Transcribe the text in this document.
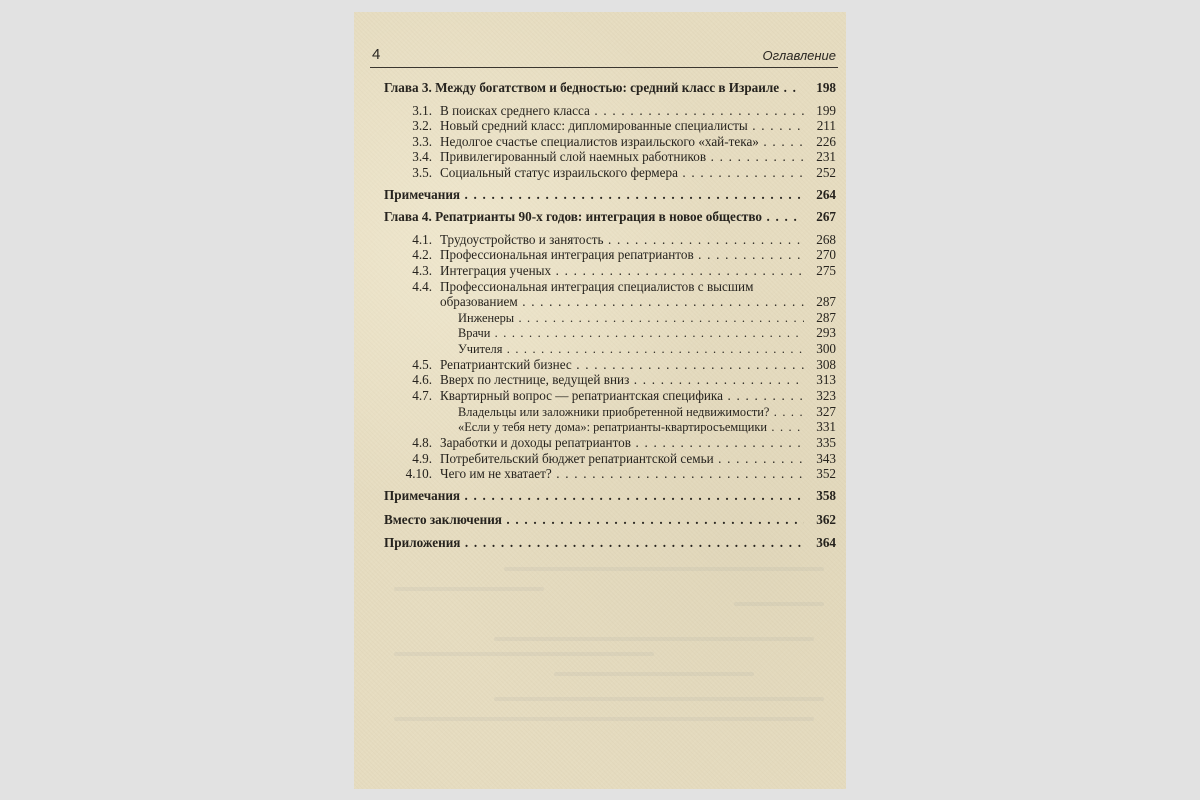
4	Оглавление
Глава 3. Между богатством и бедностью: средний класс в Израиле . . .	198
3.1. В поисках среднего класса . . .	199
3.2. Новый средний класс: дипломированные специалисты . . .	211
3.3. Недолгое счастье специалистов израильского «хай-тека» . . .	226
3.4. Привилегированный слой наемных работников . . .	231
3.5. Социальный статус израильского фермера . . .	252
Примечания . . .	264
Глава 4. Репатрианты 90-х годов: интеграция в новое общество . . .	267
4.1. Трудоустройство и занятость . . .	268
4.2. Профессиональная интеграция репатриантов . . .	270
4.3. Интеграция ученых . . .	275
4.4. Профессиональная интеграция специалистов с высшим
образованием . . .	287
Инженеры . . .	287
Врачи . . .	293
Учителя . . .	300
4.5. Репатриантский бизнес . . .	308
4.6. Вверх по лестнице, ведущей вниз . . .	313
4.7. Квартирный вопрос — репатриантская специфика . . .	323
Владельцы или заложники приобретенной недвижимости? . . .	327
«Если у тебя нету дома»: репатрианты-квартиросъемщики . . .	331
4.8. Заработки и доходы репатриантов . . .	335
4.9. Потребительский бюджет репатриантской семьи . . .	343
4.10. Чего им не хватает? . . .	352
Примечания . . .	358
Вместо заключения . . .	362
Приложения . . .	364
